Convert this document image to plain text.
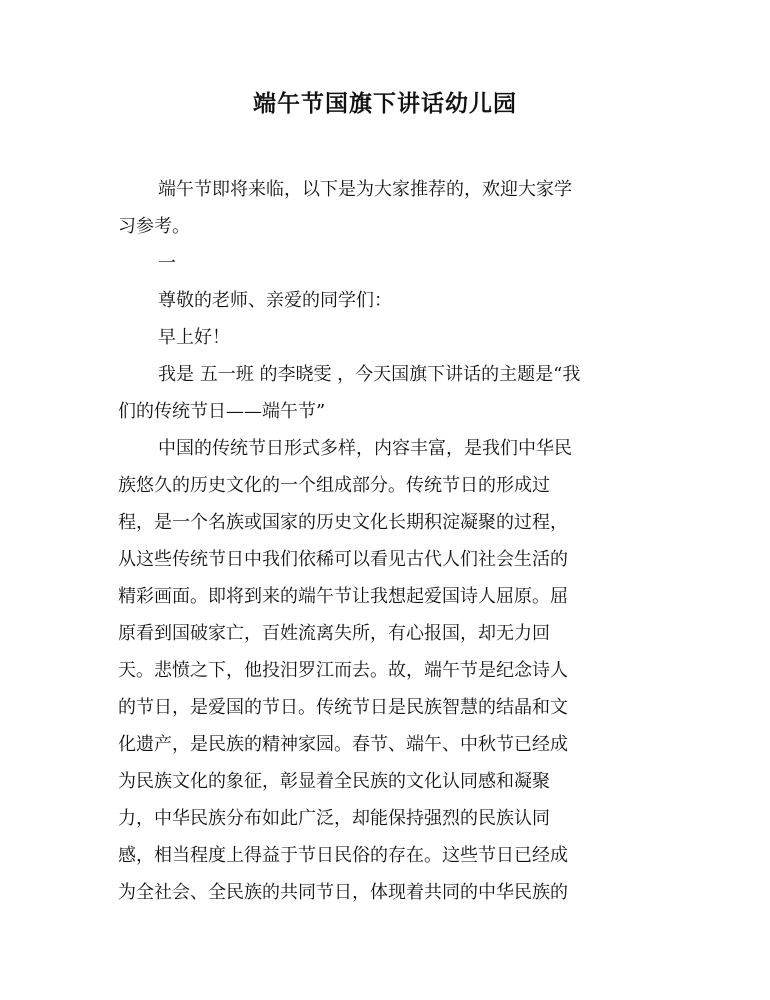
端午节国旗下讲话幼儿园
端午节即将来临，以下是为大家推荐的，欢迎大家学
习参考。
一
尊敬的老师、亲爱的同学们：
早上好！
我是 五一班 的李晓雯 ，今天国旗下讲话的主题是“我
们的传统节日——端午节”
中国的传统节日形式多样，内容丰富，是我们中华民
族悠久的历史文化的一个组成部分。传统节日的形成过
程，是一个名族或国家的历史文化长期积淀凝聚的过程，
从这些传统节日中我们依稀可以看见古代人们社会生活的
精彩画面。即将到来的端午节让我想起爱国诗人屈原。屈
原看到国破家亡，百姓流离失所，有心报国，却无力回
天。悲愤之下，他投汨罗江而去。故，端午节是纪念诗人
的节日，是爱国的节日。传统节日是民族智慧的结晶和文
化遗产，是民族的精神家园。春节、端午、中秋节已经成
为民族文化的象征，彰显着全民族的文化认同感和凝聚
力，中华民族分布如此广泛，却能保持强烈的民族认同
感，相当程度上得益于节日民俗的存在。这些节日已经成
为全社会、全民族的共同节日，体现着共同的中华民族的
